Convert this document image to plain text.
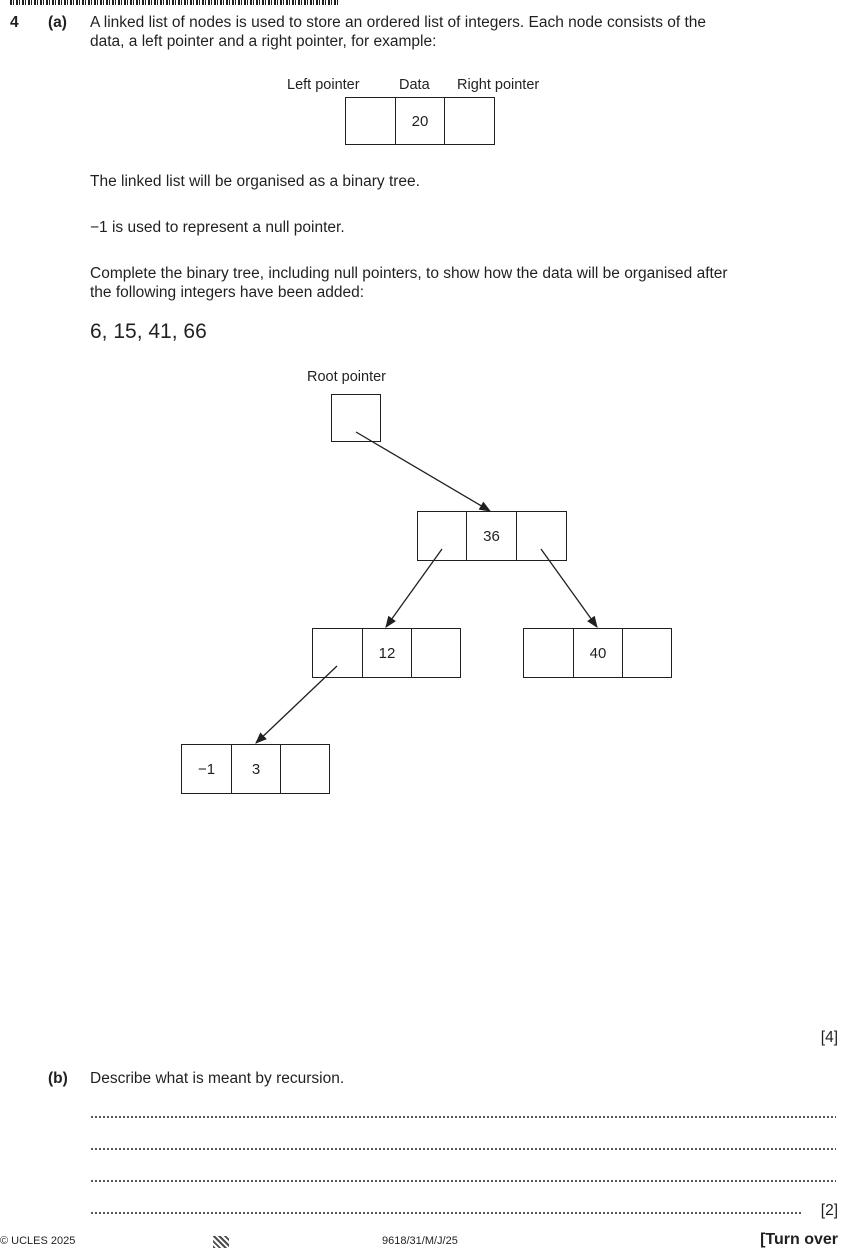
4 (a) A linked list of nodes is used to store an ordered list of integers. Each node consists of the
data, a left pointer and a right pointer, for example:
Left pointer	Data Right pointer
20
The linked list will be organised as a binary tree.
−1 is used to represent a null pointer.
Complete the binary tree, including null pointers, to show how the data will be organised after
the following integers have been added:
6, 15, 41, 66
Root pointer
36
12	40
−1 3
[4]
(b) Describe what is meant by recursion.
[2]
© UCLES 2025	9618/31/M/J/25	[Turn over
